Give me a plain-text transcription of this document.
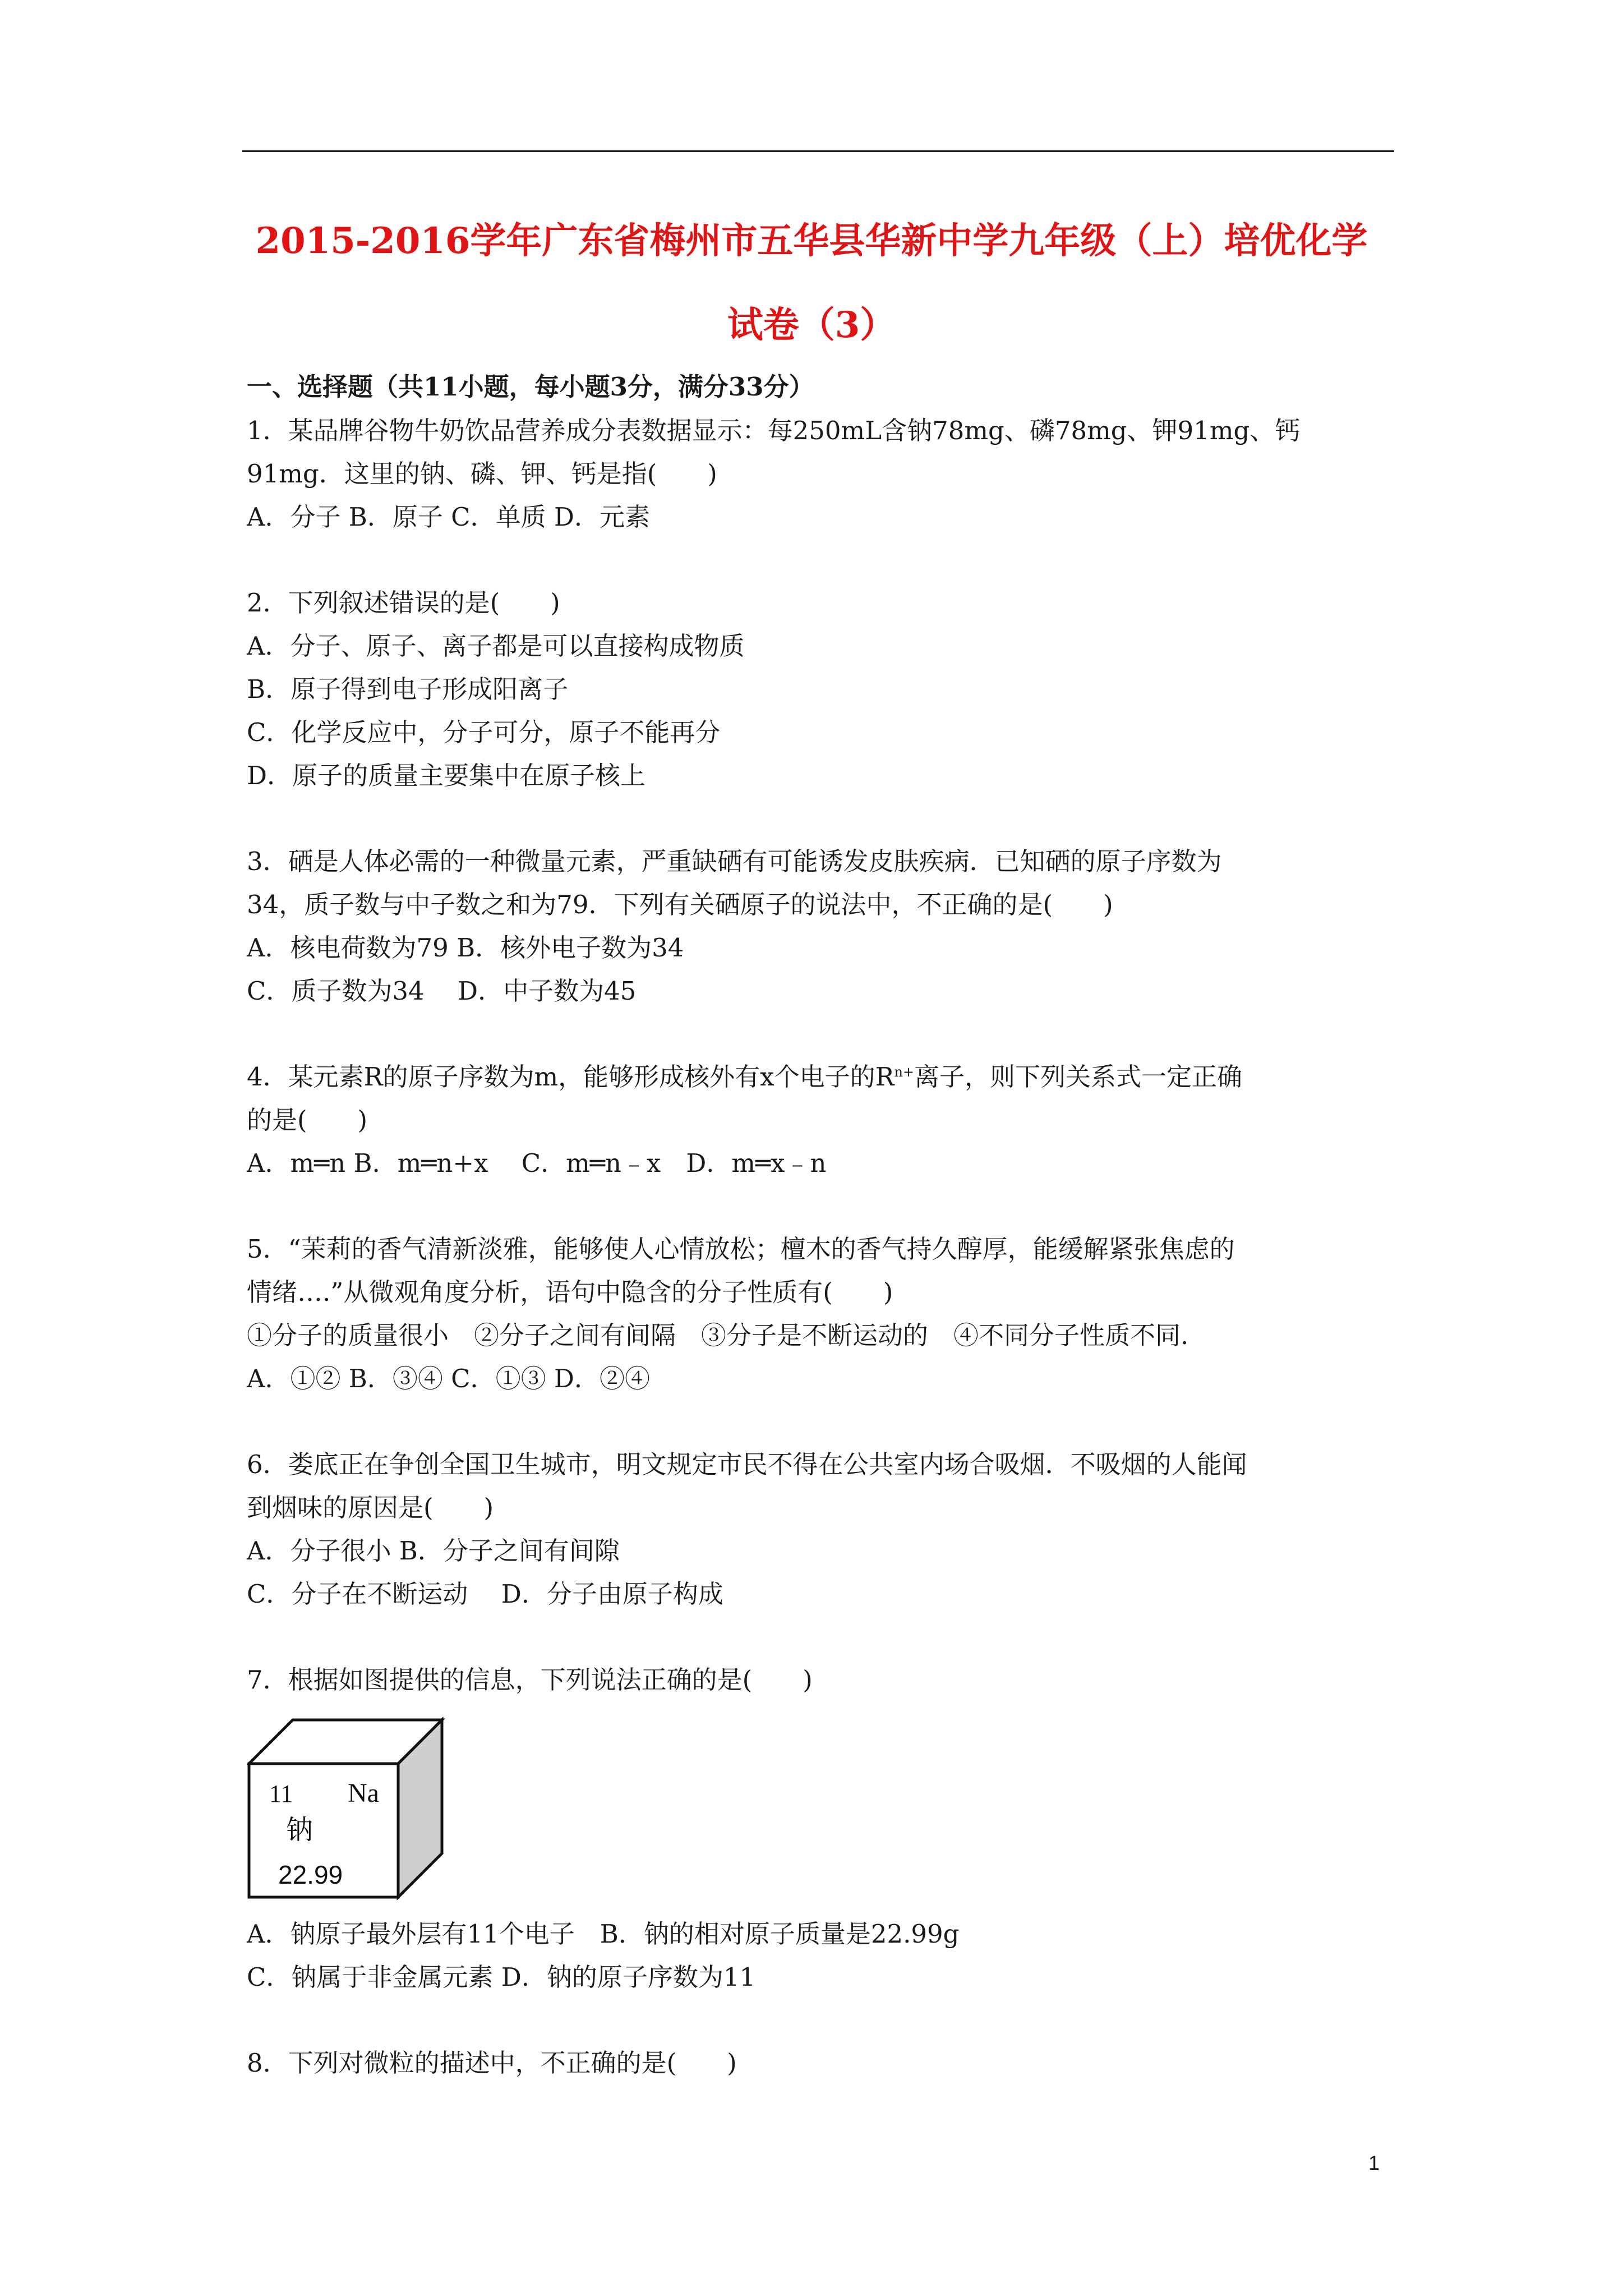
2015-2016学年广东省梅州市五华县华新中学九年级（上）培优化学
试卷（3）
一、选择题（共11小题，每小题3分，满分33分）
1．某品牌谷物牛奶饮品营养成分表数据显示：每250mL含钠78mg、磷78mg、钾91mg、钙
91mg．这里的钠、磷、钾、钙是指(　　)
A．分子 B．原子 C．单质 D．元素
2．下列叙述错误的是(　　)
A．分子、原子、离子都是可以直接构成物质
B．原子得到电子形成阳离子
C．化学反应中，分子可分，原子不能再分
D．原子的质量主要集中在原子核上
3．硒是人体必需的一种微量元素，严重缺硒有可能诱发皮肤疾病．已知硒的原子序数为
34，质子数与中子数之和为79．下列有关硒原子的说法中，不正确的是(　　)
A．核电荷数为79 B．核外电子数为34
C．质子数为34　 D．中子数为45
4．某元素R的原子序数为m，能够形成核外有x个电子的$R^{n+}$离子，则下列关系式一定正确
的是(　　)
A．m═n B．m═n+x　 C．m═n﹣x　D．m═x﹣n
5．“茉莉的香气清新淡雅，能够使人心情放松；檀木的香气持久醇厚，能缓解紧张焦虑的
情绪….”从微观角度分析，语句中隐含的分子性质有(　　)
①分子的质量很小　②分子之间有间隔　③分子是不断运动的　④不同分子性质不同.
A．①② B．③④ C．①③ D．②④
6．娄底正在争创全国卫生城市，明文规定市民不得在公共室内场合吸烟．不吸烟的人能闻
到烟味的原因是(　　)
A．分子很小 B．分子之间有间隙
C．分子在不断运动　 D．分子由原子构成
7．根据如图提供的信息，下列说法正确的是(　　)
11 Na
钠
22.99
A．钠原子最外层有11个电子　B．钠的相对原子质量是22.99g
C．钠属于非金属元素 D．钠的原子序数为11
8．下列对微粒的描述中，不正确的是(　　)
1
